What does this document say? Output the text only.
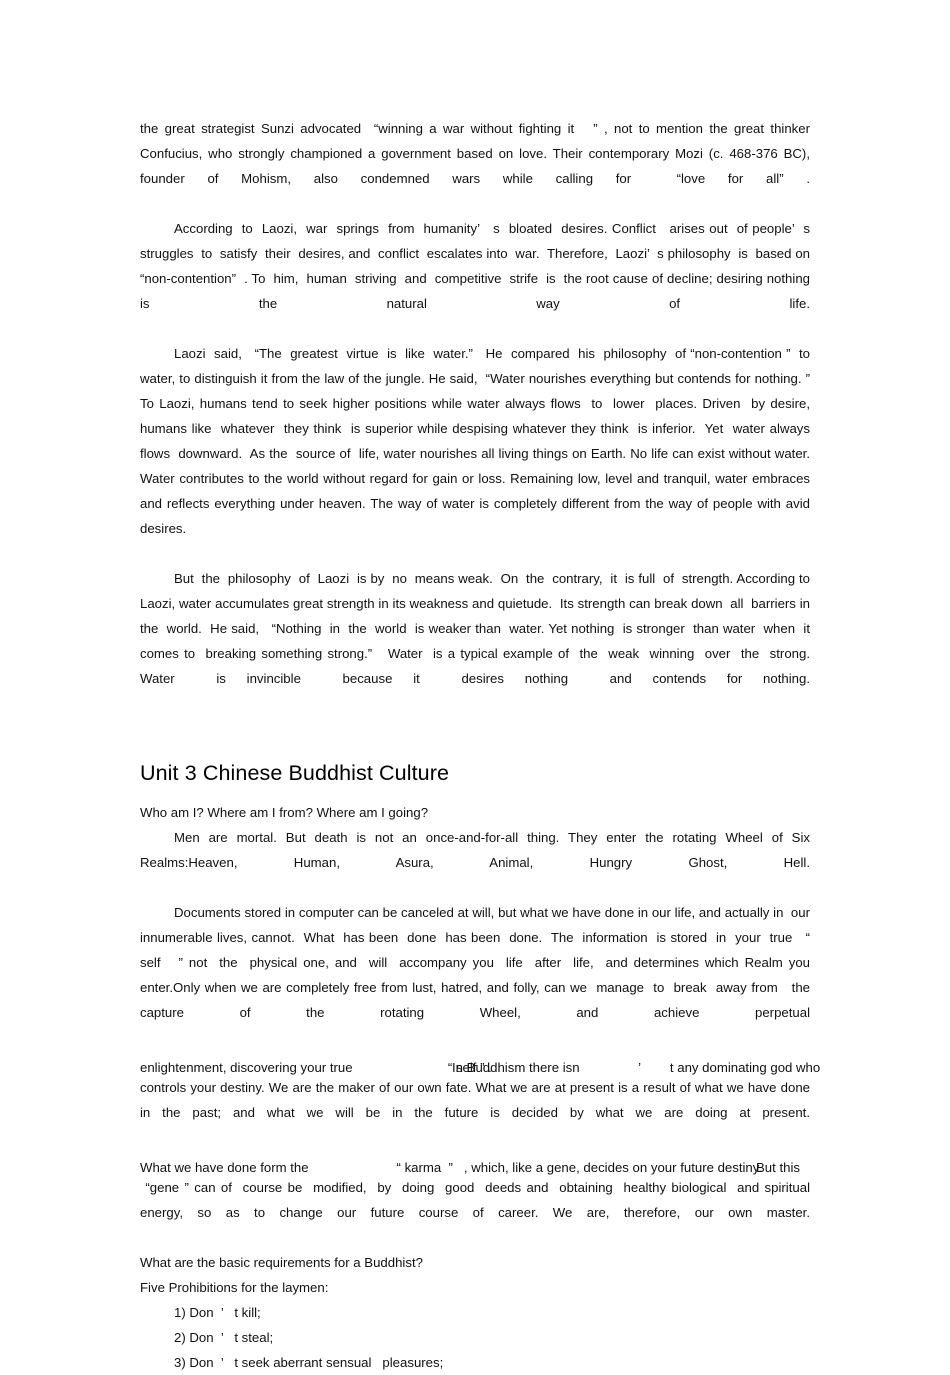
the great strategist Sunzi advocated  “winning a war without fighting it   ” , not to mention the great thinker Confucius, who strongly championed a government based on love. Their contemporary Mozi (c. 468-376 BC), founder of Mohism, also condemned wars while calling for  “love for all” .

According  to  Laozi,  war  springs  from  humanity’   s  bloated  desires. Conflict   arises out  of people’  s  struggles  to  satisfy  their  desires, and  conflict  escalates into  war.  Therefore,  Laozi’  s philosophy  is  based on   “non-contention”  . To  him,  human  striving  and  competitive  strife  is  the root cause of decline; desiring nothing is the natural way of life.

Laozi  said,   “The  greatest  virtue  is  like  water.”   He  compared  his  philosophy  of “non-contention ”  to water, to distinguish it from the law of the jungle. He said,  “Water nourishes everything but contends for nothing. ”  To Laozi, humans tend to seek higher positions while water always flows  to  lower  places. Driven  by desire, humans like  whatever  they think  is superior while despising whatever they think  is inferior.  Yet  water always flows  downward.  As the  source of  life, water nourishes all living things on Earth. No life can exist without water. Water contributes to the world without regard for gain or loss. Remaining low, level and tranquil, water embraces and reflects everything under heaven. The way of water is completely different from the way of people with avid desires.

But  the  philosophy  of  Laozi  is by  no  means weak.  On  the  contrary,  it  is full  of  strength. According to Laozi, water accumulates great strength in its weakness and quietude.  Its strength can break down  all  barriers in  the  world.  He said,   “Nothing  in  the  world  is weaker than  water. Yet nothing  is stronger  than water  when  it  comes to  breaking something strong.”   Water  is a typical example of  the  weak  winning  over  the  strong.  Water  is invincible  because it  desires nothing  and contends for nothing.

Unit 3 Chinese Buddhist Culture

Who am I? Where am I from? Where am I going?

Men are mortal. But death is not an once-and-for-all thing. They enter the rotating Wheel of Six Realms:Heaven, Human, Asura, Animal, Hungry Ghost, Hell.

Documents stored in computer can be canceled at will, but what we have done in our life, and actually in  our  innumerable lives, cannot.  What  has been  done  has been  done.  The  information  is stored  in  your  true   “ self   ” not  the  physical one, and  will  accompany you  life  after  life,  and determines which Realm you enter.Only when we are completely free from lust, hatred, and folly, can we  manage  to  break  away from   the  capture  of  the  rotating  Wheel,  and  achieve  perpetual

enlightenment, discovering your true                          “ self ” .

In Buddhism there isn                ’        t any dominating god who

controls your destiny. We are the maker of our own fate. What we are at present is a result of what we have done in the past; and what we will be in the future is decided by what we are doing at present.

What we have done form the                        “ karma  ”   , which, like a gene, decides on your future destiny.

But this

“gene ” can of  course be  modified,  by  doing  good  deeds and  obtaining  healthy biological  and spiritual energy, so as to change our future course of career. We are, therefore, our own master.

What are the basic requirements for a Buddhist?

Five Prohibitions for the laymen:

1) Don  ’   t kill;
2) Don  ’   t steal;
3) Don  ’   t seek aberrant sensual   pleasures;
